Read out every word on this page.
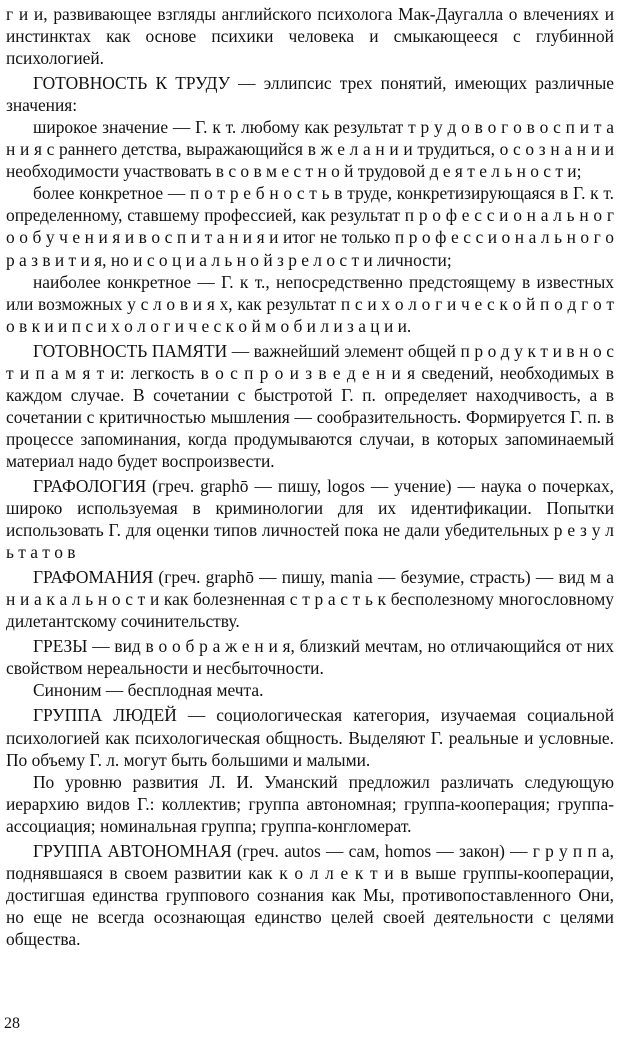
г и и, развивающее взгляды английского психолога Мак-Даугалла о влечениях и инстинктах как основе психики человека и смыкающееся с глубинной психологией.

ГОТОВНОСТЬ К ТРУДУ — эллипсис трех понятий, имеющих различные значения:

широкое значение — Г. к т. любому как результат т р у д о в о г о в о с п и т а н и я с раннего детства, выражающийся в ж е л а н и и трудиться, о с о з н а н и и необходимости участвовать в с о в м е с т н о й трудовой д е я т е л ь н о с т и;

более конкретное — п о т р е б н о с т ь в труде, конкретизирующаяся в Г. к т. определенному, ставшему профессией, как результат п р о ф е с с и о н а л ь н о г о о б у ч е н и я и в о с п и т а н и я и итог не только п р о ф е с с и о н а л ь н о г о р а з в и т и я, но и с о ц и а л ь н о й з р е л о с т и личности;

наиболее конкретное — Г. к т., непосредственно предстоящему в известных или возможных у с л о в и я х, как результат п с и х о л о г и ч е с к о й п о д г о т о в к и и п с и х о л о г и ч е с к о й м о б и л и з а ц и и.

ГОТОВНОСТЬ ПАМЯТИ — важнейший элемент общей п р о д у к т и в н о с т и п а м я т и: легкость в о с п р о и з в е д е н и я сведений, необходимых в каждом случае. В сочетании с быстротой Г. п. определяет находчивость, а в сочетании с критичностью мышления — сообразительность. Формируется Г. п. в процессе запоминания, когда продумываются случаи, в которых запоминаемый материал надо будет воспроизвести.

ГРАФОЛОГИЯ (греч. graphō — пишу, logos — учение) — наука о почерках, широко используемая в криминологии для их идентификации. Попытки использовать Г. для оценки типов личностей пока не дали убедительных р е з у л ь т а т о в

ГРАФОМАНИЯ (греч. graphō — пишу, mania — безумие, страсть) — вид м а н и а к а л ь н о с т и как болезненная с т р а с т ь к бесполезному многословному дилетантскому сочинительству.

ГРЕЗЫ — вид в о о б р а ж е н и я, близкий мечтам, но отличающийся от них свойством нереальности и несбыточности.

Синоним — бесплодная мечта.

ГРУППА ЛЮДЕЙ — социологическая категория, изучаемая социальной психологией как психологическая общность. Выделяют Г. реальные и условные. По объему Г. л. могут быть большими и малыми.

По уровню развития Л. И. Уманский предложил различать следующую иерархию видов Г.: коллектив; группа автономная; группа-кооперация; группа-ассоциация; номинальная группа; группа-конгломерат.

ГРУППА АВТОНОМНАЯ (греч. autos — сам, homos — закон) — г р у п п а, поднявшаяся в своем развитии как к о л л е к т и в выше группы-кооперации, достигшая единства группового сознания как Мы, противопоставленного Они, но еще не всегда осознающая единство целей своей деятельности с целями общества.

28
